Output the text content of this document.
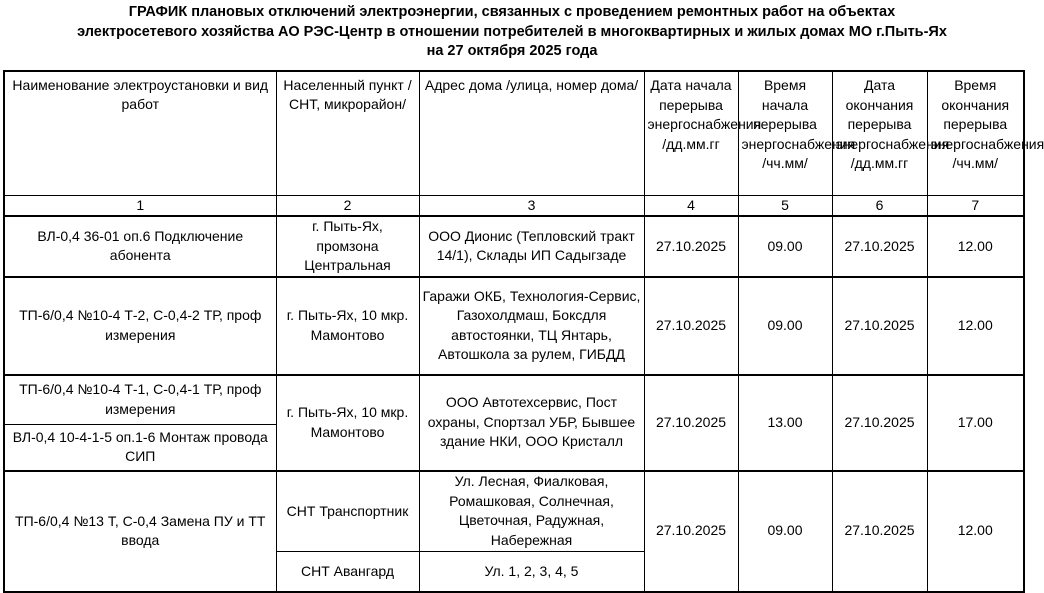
ГРАФИК плановых отключений электроэнергии, связанных с проведением ремонтных работ на объектах
электросетевого хозяйства АО РЭС-Центр в отношении потребителей в многоквартирных и жилых домах МО г.Пыть-Ях
на 27 октября 2025 года
Наименование электроустановки и вид работ	Населенный пункт /СНТ, микрорайон/	Адрес дома /улица, номер дома/	Дата начала перерыва энергоснабжения /дд.мм.гг	Время начала перерыва энергоснабжения /чч.мм/	Дата окончания перерыва энергоснабжения /дд.мм.гг	Время окончания перерыва энергоснабжения /чч.мм/
1	2	3	4	5	6	7
ВЛ-0,4 36-01 оп.6 Подключение абонента	г. Пыть-Ях, промзона Центральная	ООО Дионис (Тепловский тракт 14/1), Склады ИП Садыгзаде	27.10.2025	09.00	27.10.2025	12.00
ТП-6/0,4 №10-4 Т-2, С-0,4-2 ТР, проф измерения	г. Пыть-Ях, 10 мкр. Мамонтово	Гаражи ОКБ, Технология-Сервис, Газохолдмаш, Боксдля автостоянки, ТЦ Янтарь, Автошкола за рулем, ГИБДД	27.10.2025	09.00	27.10.2025	12.00
ТП-6/0,4 №10-4 Т-1, С-0,4-1 ТР, проф измерения	г. Пыть-Ях, 10 мкр. Мамонтово	ООО Автотехсервис, Пост охраны, Спортзал УБР, Бывшее здание НКИ, ООО Кристалл	27.10.2025	13.00	27.10.2025	17.00
ВЛ-0,4 10-4-1-5 оп.1-6 Монтаж провода СИП						
ТП-6/0,4 №13 Т, С-0,4 Замена ПУ и ТТ ввода	СНТ Транспортник	Ул. Лесная, Фиалковая, Ромашковая, Солнечная, Цветочная, Радужная, Набережная	27.10.2025	09.00	27.10.2025	12.00
	СНТ Авангард	Ул. 1, 2, 3, 4, 5				
